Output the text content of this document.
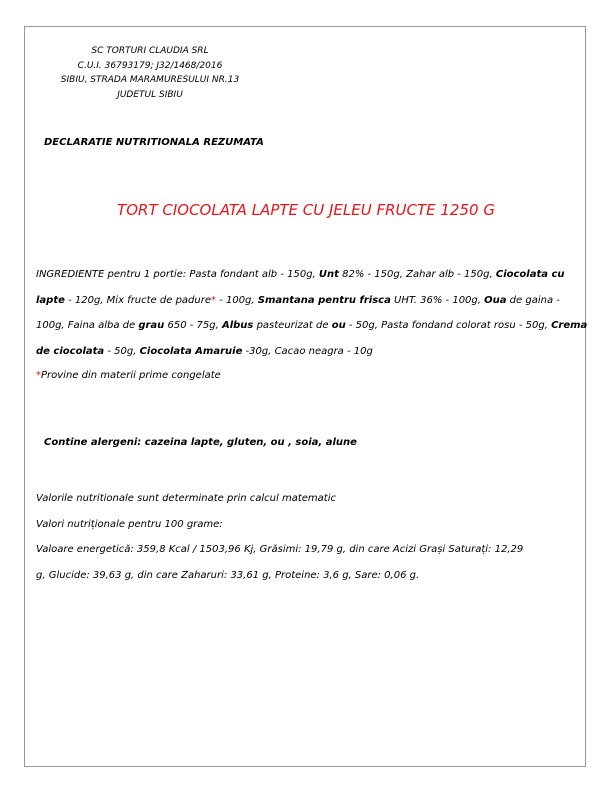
SC TORTURI CLAUDIA SRL
C.U.I. 36793179; J32/1468/2016
SIBIU, STRADA MARAMURESULUI NR.13
JUDETUL SIBIU
DECLARATIE NUTRITIONALA REZUMATA
TORT CIOCOLATA LAPTE CU JELEU FRUCTE 1250 G
INGREDIENTE pentru 1 portie: Pasta fondant alb - 150g, Unt 82% - 150g, Zahar alb - 150g, Ciocolata cu lapte - 120g, Mix fructe de padure* - 100g, Smantana pentru frisca UHT. 36% - 100g, Oua de gaina - 100g, Faina alba de grau 650 - 75g, Albus pasteurizat de ou - 50g, Pasta fondand colorat rosu - 50g, Crema de ciocolata - 50g, Ciocolata Amaruie -30g, Cacao neagra - 10g
*Provine din materii prime congelate
Contine alergeni: cazeina lapte, gluten, ou , soia, alune
Valorile nutritionale sunt determinate prin calcul matematic
Valori nutriționale pentru 100 grame:
Valoare energetică: 359,8 Kcal / 1503,96 Kj, Grăsimi: 19,79 g, din care Acizi Grași Saturați: 12,29
g, Glucide: 39,63 g, din care Zaharuri: 33,61 g, Proteine: 3,6 g, Sare: 0,06 g.
